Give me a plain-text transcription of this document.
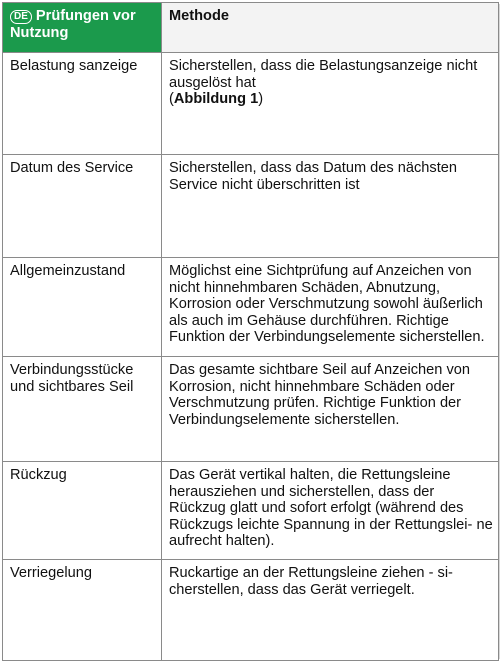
DE Prüfungen vor Nutzung	Methode
Belastung sanzeige	Sicherstellen, dass die Belastungsanzeige nicht ausgelöst hat
(Abbildung 1)
Datum des Service	Sicherstellen, dass das Datum des nächsten Service nicht überschritten ist
Allgemeinzustand	Möglichst eine Sichtprüfung auf Anzeichen von nicht hinnehmbaren Schäden, Abnutzung, Korrosion oder Verschmutzung sowohl äußerlich als auch im Gehäuse durchführen. Richtige Funktion der Verbindungselemente sicherstellen.
Verbindungsstücke und sichtbares Seil	Das gesamte sichtbare Seil auf Anzeichen von Korrosion, nicht hinnehmbare Schäden oder Verschmutzung prüfen. Richtige Funktion der Verbindungselemente sicherstellen.
Rückzug	Das Gerät vertikal halten, die Rettungsleine herausziehen und sicherstellen, dass der Rückzug glatt und sofort erfolgt (während des Rückzugs leichte Spannung in der Rettungslei- ne aufrecht halten).
Verriegelung	Ruckartige an der Rettungsleine ziehen - si- cherstellen, dass das Gerät verriegelt.
